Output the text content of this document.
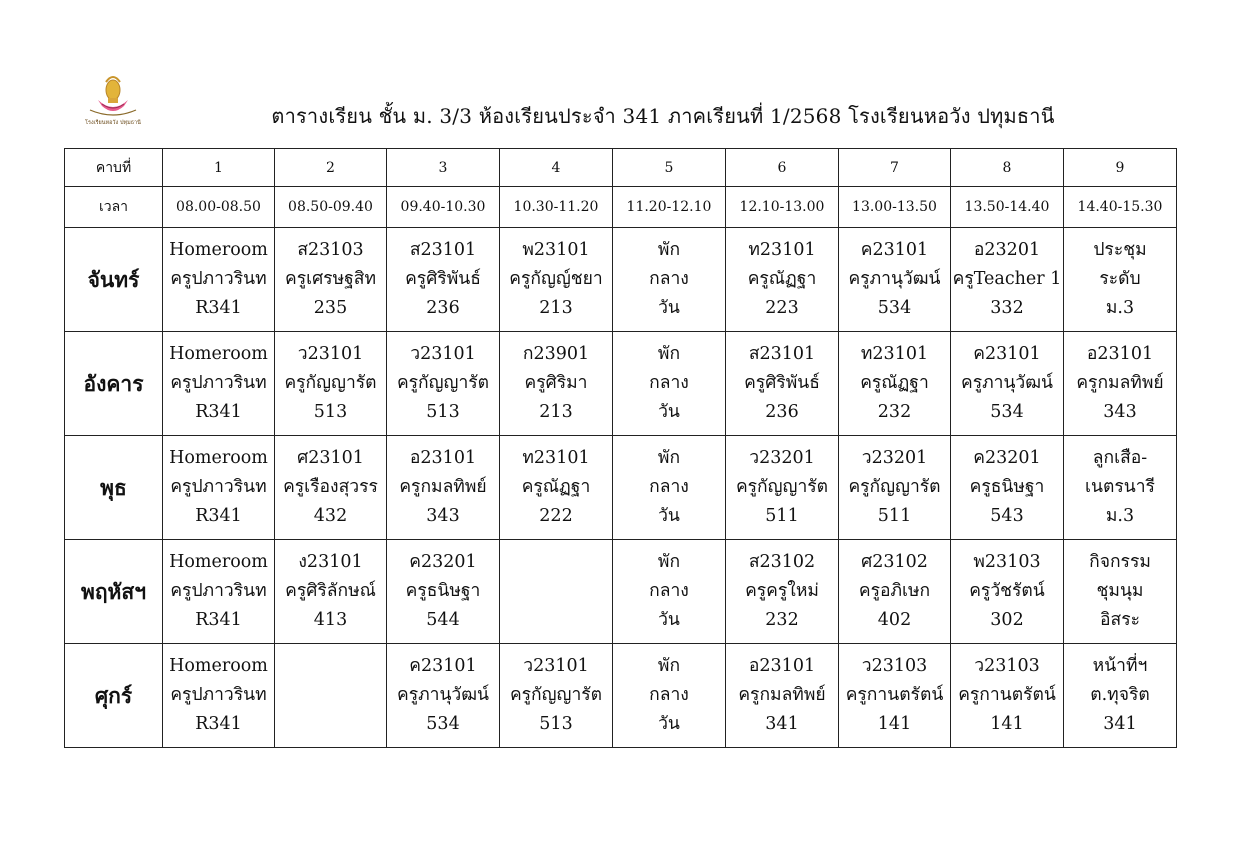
โรงเรียนหอวัง ปทุมธานี	ตารางเรียน ชั้น ม. 3/3 ห้องเรียนประจำ 341 ภาคเรียนที่ 1/2568 โรงเรียนหอวัง ปทุมธานี
คาบที่	1	2	3	4	5	6	7	8	9
เวลา	08.00-08.50	08.50-09.40	09.40-10.30	10.30-11.20	11.20-12.10	12.10-13.00	13.00-13.50	13.50-14.40	14.40-15.30
จันทร์	Homeroom
ครูปภาวรินท
R341	ส23103
ครูเศรษฐสิท
235	ส23101
ครูศิริพันธ์
236	พ23101
ครูกัญญ์ชยา
213	พัก
กลาง
วัน	ท23101
ครูณัฏฐา
223	ค23101
ครูภานุวัฒน์
534	อ23201
ครูTeacher 1
332	ประชุม
ระดับ
ม.3

อังคาร	Homeroom
ครูปภาวรินท
R341	ว23101
ครูกัญญารัต
513	ว23101
ครูกัญญารัต
513	ก23901
ครูศิริมา
213	พัก
กลาง
วัน	ส23101
ครูศิริพันธ์
236	ท23101
ครูณัฏฐา
232	ค23101
ครูภานุวัฒน์
534	อ23101
ครูกมลทิพย์
343

พุธ	Homeroom
ครูปภาวรินท
R341	ศ23101
ครูเรืองสุวรร
432	อ23101
ครูกมลทิพย์
343	ท23101
ครูณัฏฐา
222	พัก
กลาง
วัน	ว23201
ครูกัญญารัต
511	ว23201
ครูกัญญารัต
511	ค23201
ครูธนิษฐา
543	ลูกเสือ-
เนตรนารี
ม.3

พฤหัสฯ	Homeroom
ครูปภาวรินท
R341	ง23101
ครูศิริลักษณ์
413	ค23201
ครูธนิษฐา
544		พัก
กลาง
วัน	ส23102
ครูครูใหม่
232	ศ23102
ครูอภิเษก
402	พ23103
ครูวัชรัตน์
302	กิจกรรม
ชุมนุม
อิสระ

ศุกร์	Homeroom
ครูปภาวรินท
R341		ค23101
ครูภานุวัฒน์
534	ว23101
ครูกัญญารัต
513	พัก
กลาง
วัน	อ23101
ครูกมลทิพย์
341	ว23103
ครูกานตรัตน์
141	ว23103
ครูกานตรัตน์
141	หน้าที่ฯ
ต.ทุจริต
341
